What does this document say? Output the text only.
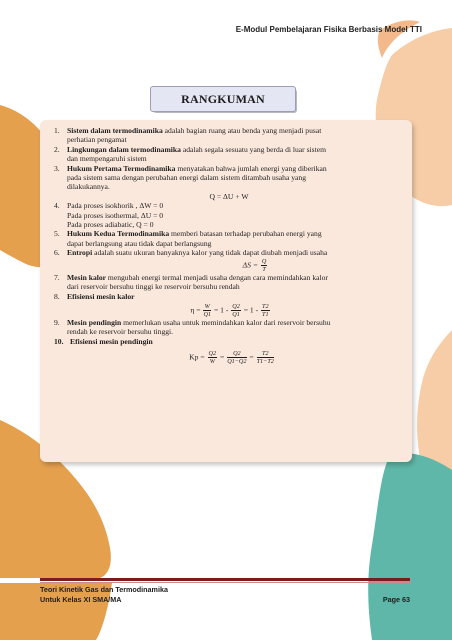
E-Modul Pembelajaran Fisika Berbasis Model TTI
RANGKUMAN
1. Sistem dalam termodinamika adalah bagian ruang atau benda yang menjadi pusat
perhatian pengamat
2. Lingkungan dalam termodinamika adalah segala sesuatu yang berda di luar sistem
dan mempengaruhi sistem
3. Hukum Pertama Termodinamika menyatakan bahwa jumlah energi yang diberikan
pada sistem sama dengan perubahan energi dalam sistem ditambah usaha yang
dilakukannya.
Q = ΔU + W
4. Pada proses isokhorik , ΔW = 0
Pada proses isothermal, ΔU = 0
Pada proses adiabatic, Q = 0
5. Hukum Kedua Termodinamika memberi batasan terhadap perubahan energi yang
dapat berlangsung atau tidak dapat berlangsung
6. Entropi adalah suatu ukuran banyaknya kalor yang tidak dapat diubah menjadi usaha
$\Delta S = \frac{Q}{T}$
7. Mesin kalor mengubah energi termal menjadi usaha dengan cara memindahkan kalor
dari reservoir bersuhu tinggi ke reservoir bersuhu rendah
8. Efisiensi mesin kalor
$\eta = \frac{W}{Q1} = 1 - \frac{Q2}{Q1} = 1 - \frac{T2}{T1}$
9. Mesin pendingin memerlukan usaha untuk memindahkan kalor dari reservoir bersuhu
rendah ke reservoir bersuhu tinggi.
10. Efisiensi mesin pendingin
$Kp = \frac{Q2}{W} = \frac{Q2}{Q1-Q2} = \frac{T2}{T1-T2}$
Teori Kinetik Gas dan Termodinamika
Untuk Kelas XI SMA/MA	Page 63
